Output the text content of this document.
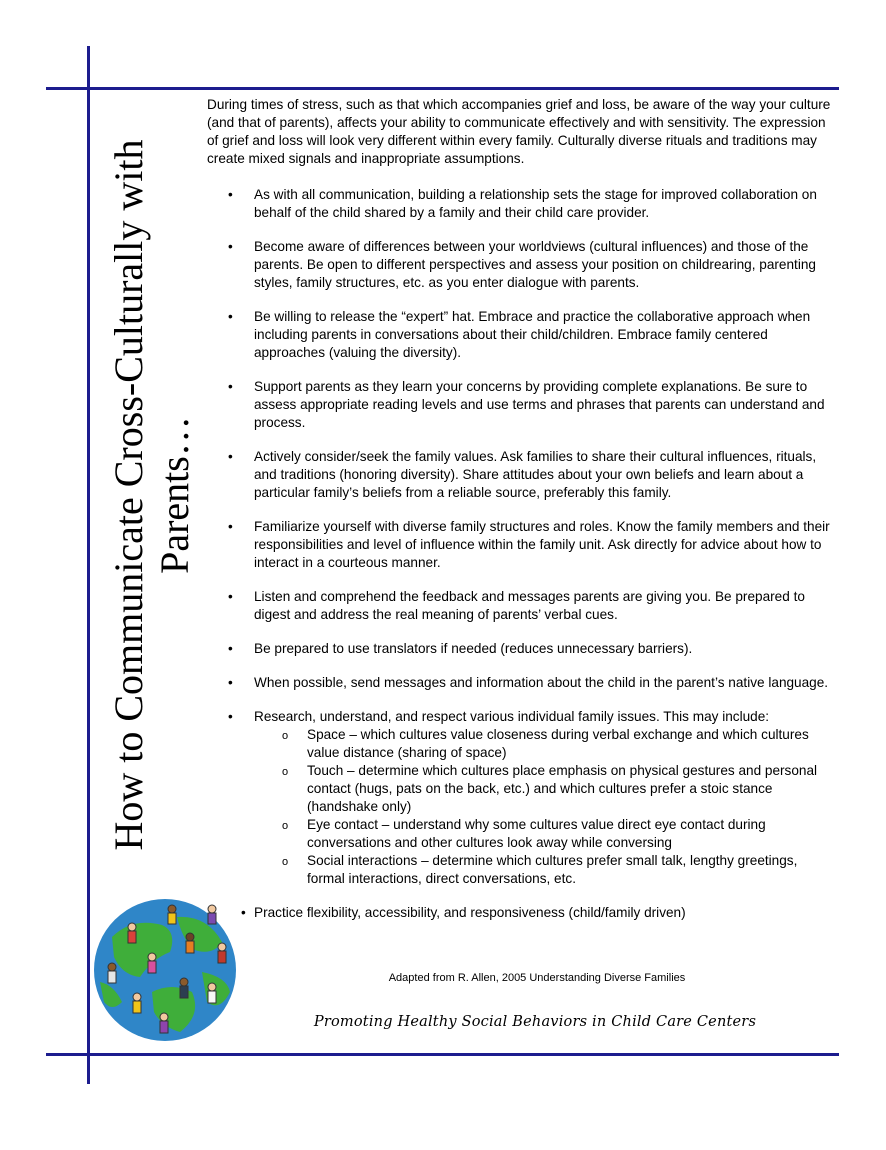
How to Communicate Cross-Culturally with Parents…

During times of stress, such as that which accompanies grief and loss, be aware of the way your culture (and that of parents), affects your ability to communicate effectively and with sensitivity. The expression of grief and loss will look very different within every family. Culturally diverse rituals and traditions may create mixed signals and inappropriate assumptions.

• As with all communication, building a relationship sets the stage for improved collaboration on behalf of the child shared by a family and their child care provider.
• Become aware of differences between your worldviews (cultural influences) and those of the parents. Be open to different perspectives and assess your position on childrearing, parenting styles, family structures, etc. as you enter dialogue with parents.
• Be willing to release the “expert” hat. Embrace and practice the collaborative approach when including parents in conversations about their child/children. Embrace family centered approaches (valuing the diversity).
• Support parents as they learn your concerns by providing complete explanations. Be sure to assess appropriate reading levels and use terms and phrases that parents can understand and process.
• Actively consider/seek the family values. Ask families to share their cultural influences, rituals, and traditions (honoring diversity). Share attitudes about your own beliefs and learn about a particular family’s beliefs from a reliable source, preferably this family.
• Familiarize yourself with diverse family structures and roles. Know the family members and their responsibilities and level of influence within the family unit. Ask directly for advice about how to interact in a courteous manner.
• Listen and comprehend the feedback and messages parents are giving you. Be prepared to digest and address the real meaning of parents’ verbal cues.
• Be prepared to use translators if needed (reduces unnecessary barriers).
• When possible, send messages and information about the child in the parent’s native language.
• Research, understand, and respect various individual family issues. This may include:
o Space – which cultures value closeness during verbal exchange and which cultures value distance (sharing of space)
o Touch – determine which cultures place emphasis on physical gestures and personal contact (hugs, pats on the back, etc.) and which cultures prefer a stoic stance (handshake only)
o Eye contact – understand why some cultures value direct eye contact during conversations and other cultures look away while conversing
o Social interactions – determine which cultures prefer small talk, lengthy greetings, formal interactions, direct conversations, etc.
• Practice flexibility, accessibility, and responsiveness (child/family driven)
Adapted from R. Allen, 2005 Understanding Diverse Families
Promoting Healthy Social Behaviors in Child Care Centers
